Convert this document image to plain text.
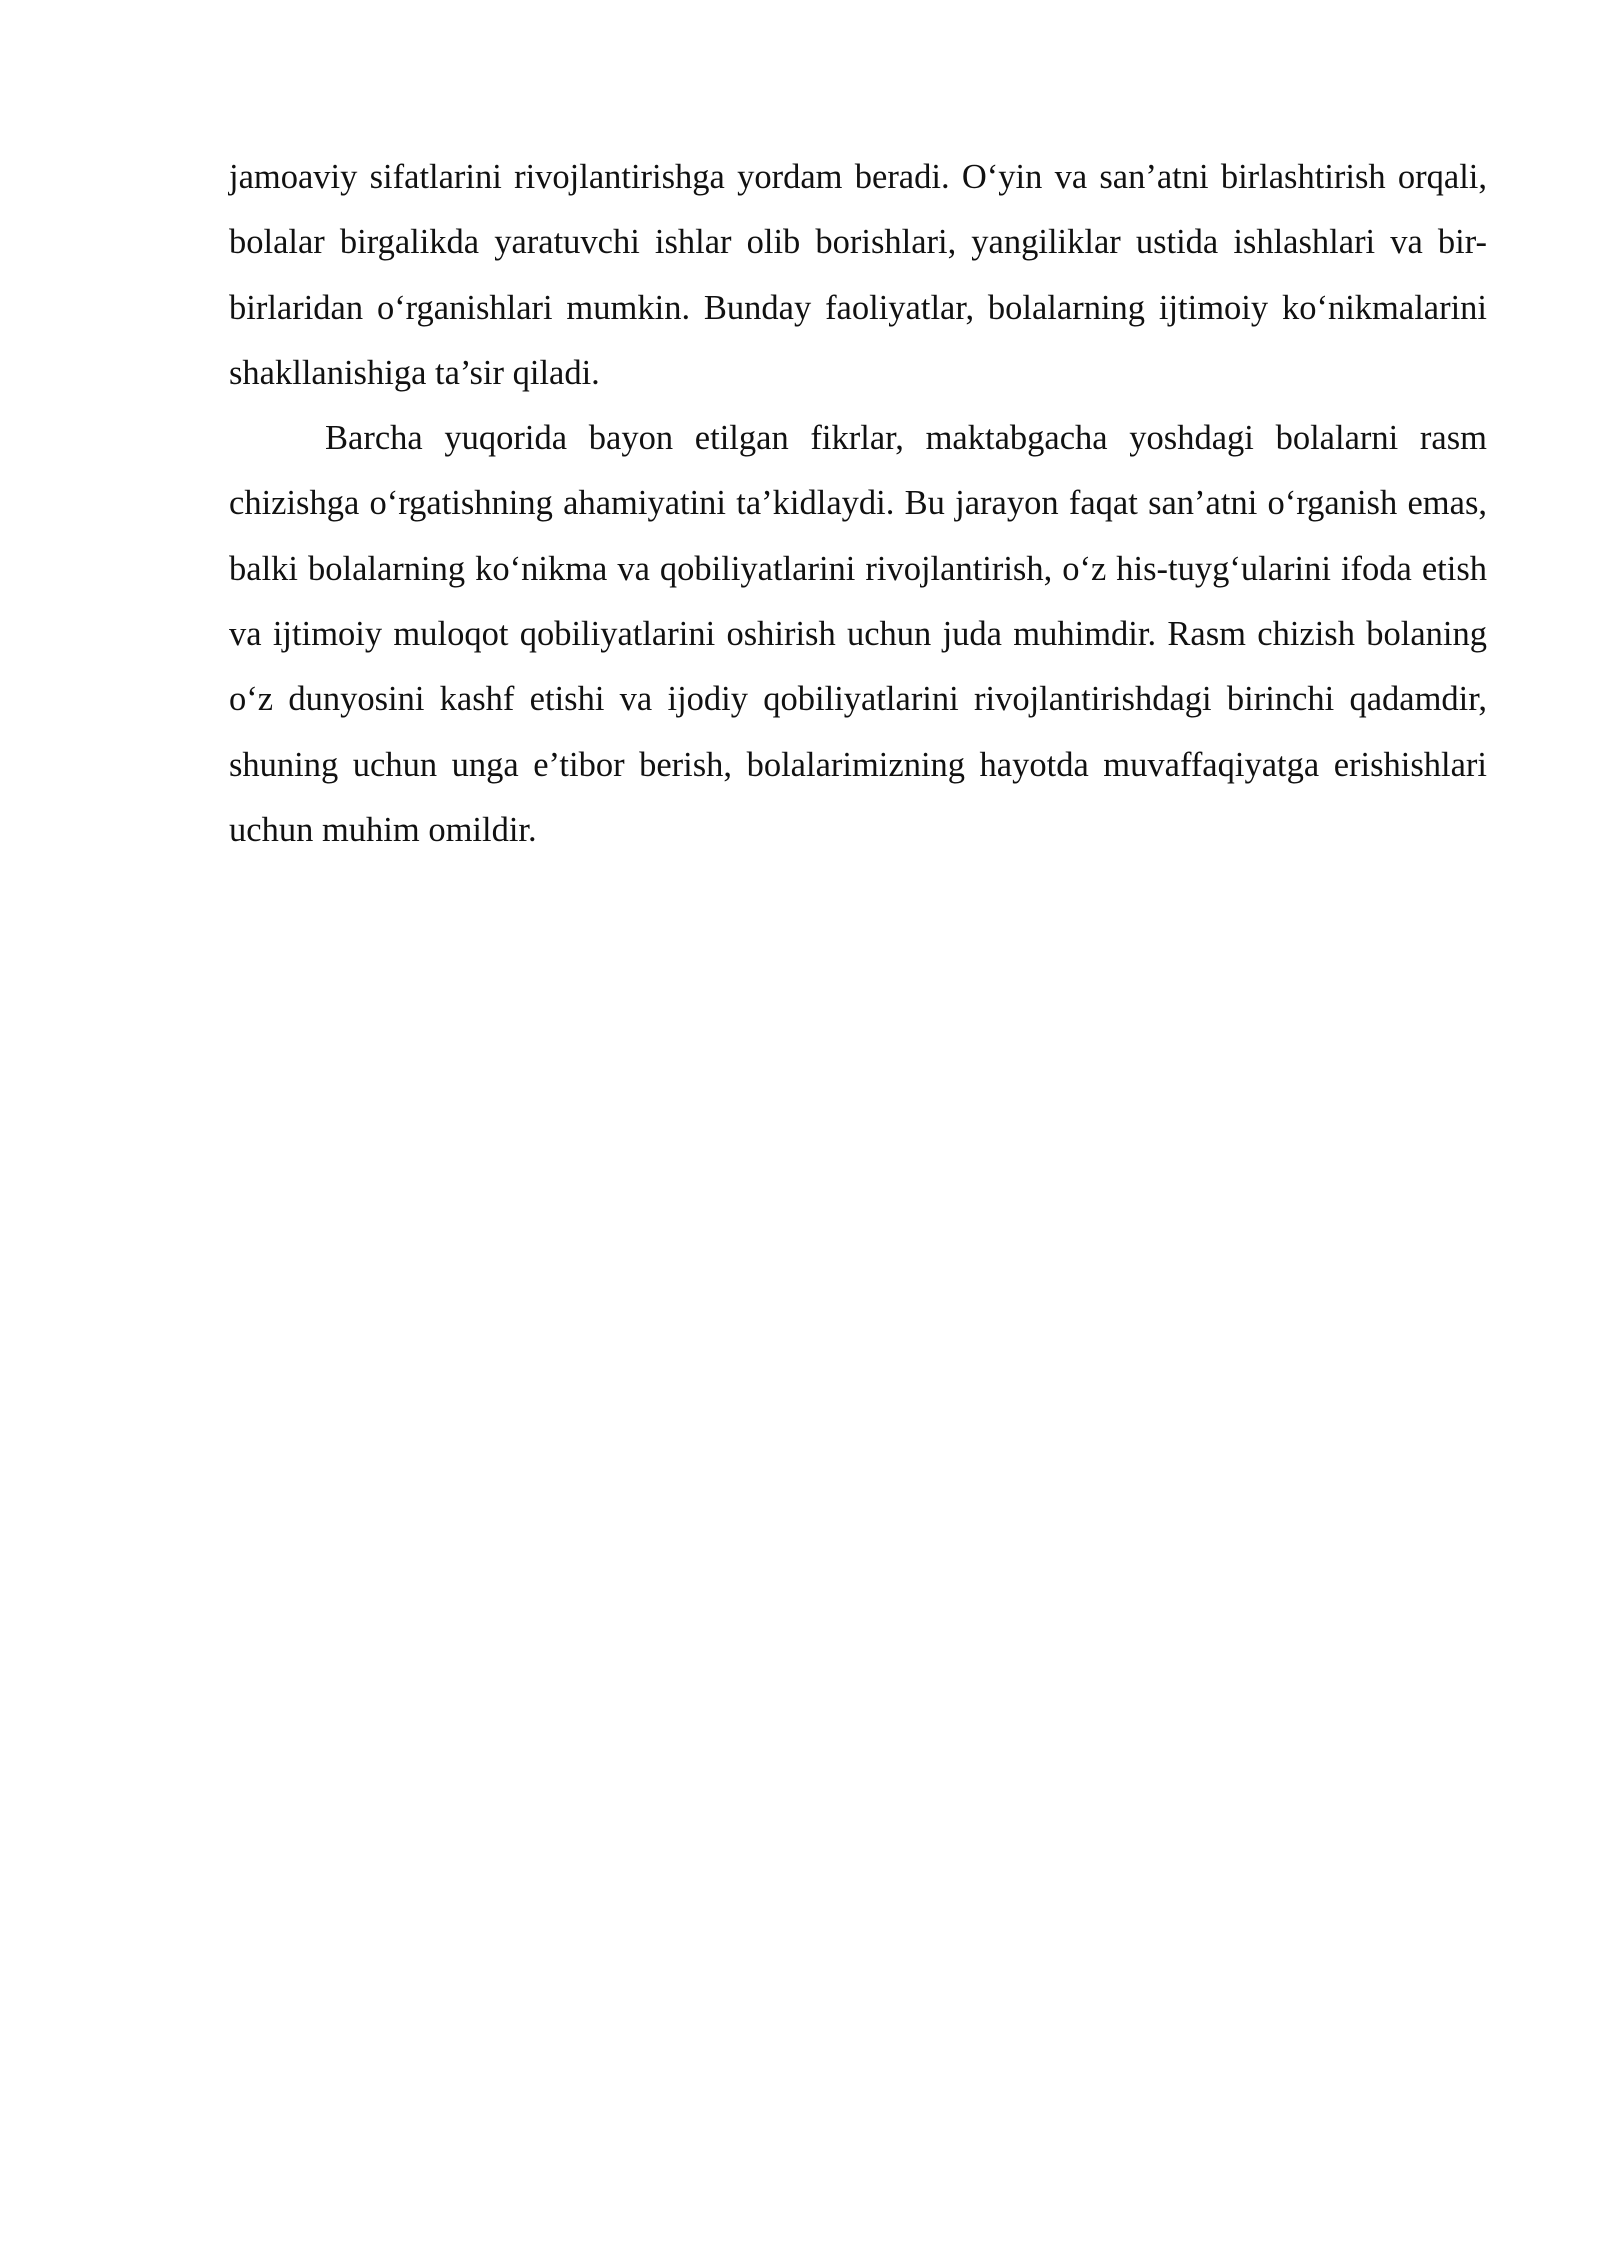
jamoaviy sifatlarini rivojlantirishga yordam beradi. O‘yin va san’atni birlashtirish orqali, bolalar birgalikda yaratuvchi ishlar olib borishlari, yangiliklar ustida ishlashlari va bir-birlaridan o‘rganishlari mumkin. Bunday faoliyatlar, bolalarning ijtimoiy ko‘nikmalarini shakllanishiga ta’sir qiladi.

Barcha yuqorida bayon etilgan fikrlar, maktabgacha yoshdagi bolalarni rasm chizishga o‘rgatishning ahamiyatini ta’kidlaydi. Bu jarayon faqat san’atni o‘rganish emas, balki bolalarning ko‘nikma va qobiliyatlarini rivojlantirish, o‘z his-tuyg‘ularini ifoda etish va ijtimoiy muloqot qobiliyatlarini oshirish uchun juda muhimdir. Rasm chizish bolaning o‘z dunyosini kashf etishi va ijodiy qobiliyatlarini rivojlantirishdagi birinchi qadamdir, shuning uchun unga e’tibor berish, bolalarimizning hayotda muvaffaqiyatga erishishlari uchun muhim omildir.
